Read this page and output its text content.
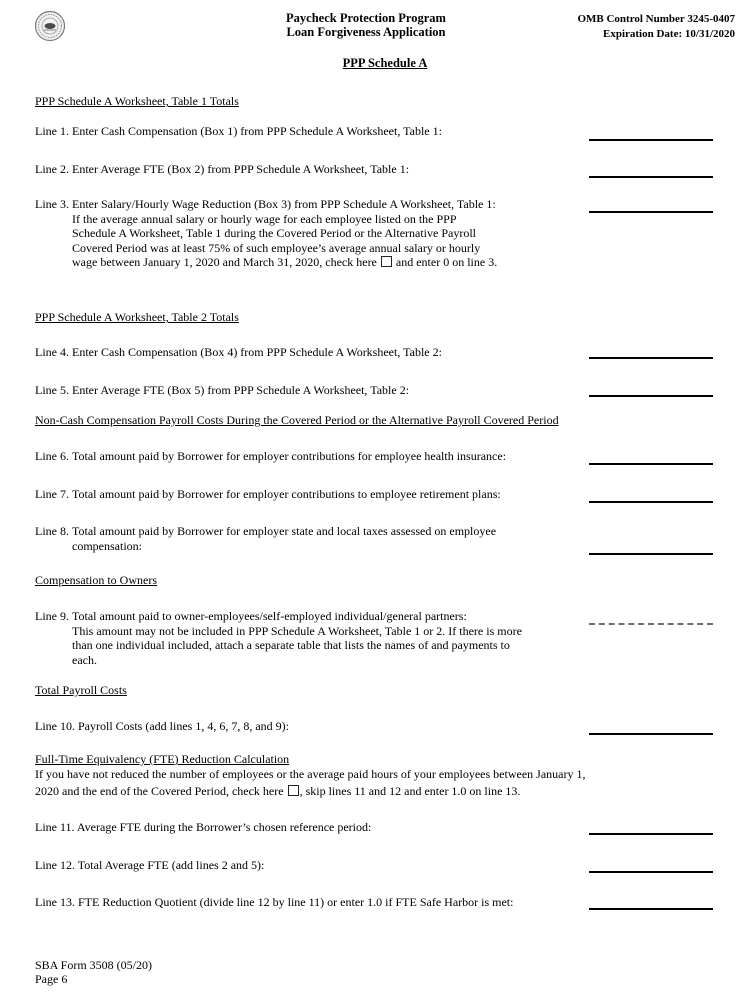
Paycheck Protection Program
Loan Forgiveness Application
OMB Control Number 3245-0407
Expiration Date: 10/31/2020
PPP Schedule A
PPP Schedule A Worksheet, Table 1 Totals
Line 1. Enter Cash Compensation (Box 1) from PPP Schedule A Worksheet, Table 1:
Line 2. Enter Average FTE (Box 2) from PPP Schedule A Worksheet, Table 1:
Line 3. Enter Salary/Hourly Wage Reduction (Box 3) from PPP Schedule A Worksheet, Table 1:
If the average annual salary or hourly wage for each employee listed on the PPP Schedule A Worksheet, Table 1 during the Covered Period or the Alternative Payroll Covered Period was at least 75% of such employee’s average annual salary or hourly wage between January 1, 2020 and March 31, 2020, check here  and enter 0 on line 3.
PPP Schedule A Worksheet, Table 2 Totals
Line 4. Enter Cash Compensation (Box 4) from PPP Schedule A Worksheet, Table 2:
Line 5. Enter Average FTE (Box 5) from PPP Schedule A Worksheet, Table 2:
Non-Cash Compensation Payroll Costs During the Covered Period or the Alternative Payroll Covered Period
Line 6. Total amount paid by Borrower for employer contributions for employee health insurance:
Line 7. Total amount paid by Borrower for employer contributions to employee retirement plans:
Line 8. Total amount paid by Borrower for employer state and local taxes assessed on employee compensation:
Compensation to Owners
Line 9. Total amount paid to owner-employees/self-employed individual/general partners:
This amount may not be included in PPP Schedule A Worksheet, Table 1 or 2. If there is more than one individual included, attach a separate table that lists the names of and payments to each.
Total Payroll Costs
Line 10. Payroll Costs (add lines 1, 4, 6, 7, 8, and 9):
Full-Time Equivalency (FTE) Reduction Calculation
If you have not reduced the number of employees or the average paid hours of your employees between January 1, 2020 and the end of the Covered Period, check here , skip lines 11 and 12 and enter 1.0 on line 13.
Line 11. Average FTE during the Borrower’s chosen reference period:
Line 12. Total Average FTE (add lines 2 and 5):
Line 13. FTE Reduction Quotient (divide line 12 by line 11) or enter 1.0 if FTE Safe Harbor is met:
SBA Form 3508 (05/20)
Page 6
